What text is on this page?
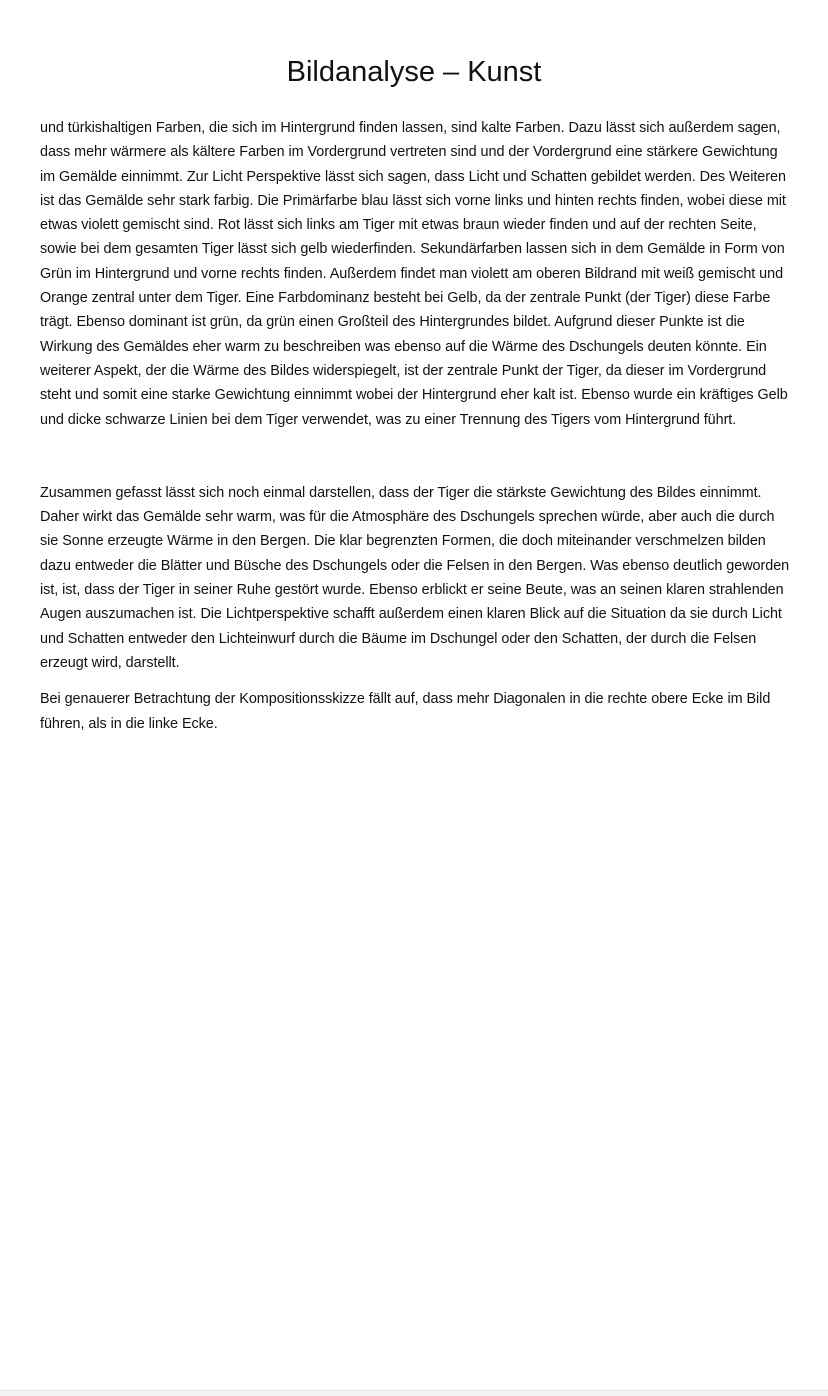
Bildanalyse – Kunst

und türkishaltigen Farben, die sich im Hintergrund finden lassen, sind kalte Farben. Dazu lässt sich außerdem sagen, dass mehr wärmere als kältere Farben im Vordergrund vertreten sind und der Vordergrund eine stärkere Gewichtung im Gemälde einnimmt. Zur Licht Perspektive lässt sich sagen, dass Licht und Schatten gebildet werden. Des Weiteren ist das Gemälde sehr stark farbig. Die Primärfarbe blau lässt sich vorne links und hinten rechts finden, wobei diese mit etwas violett gemischt sind. Rot lässt sich links am Tiger mit etwas braun wieder finden und auf der rechten Seite, sowie bei dem gesamten Tiger lässt sich gelb wiederfinden. Sekundärfarben lassen sich in dem Gemälde in Form von Grün im Hintergrund und vorne rechts finden. Außerdem findet man violett am oberen Bildrand mit weiß gemischt und Orange zentral unter dem Tiger. Eine Farbdominanz besteht bei Gelb, da der zentrale Punkt (der Tiger) diese Farbe trägt. Ebenso dominant ist grün, da grün einen Großteil des Hintergrundes bildet. Aufgrund dieser Punkte ist die Wirkung des Gemäldes eher warm zu beschreiben was ebenso auf die Wärme des Dschungels deuten könnte. Ein weiterer Aspekt, der die Wärme des Bildes widerspiegelt, ist der zentrale Punkt der Tiger, da dieser im Vordergrund steht und somit eine starke Gewichtung einnimmt wobei der Hintergrund eher kalt ist. Ebenso wurde ein kräftiges Gelb und dicke schwarze Linien bei dem Tiger verwendet, was zu einer Trennung des Tigers vom Hintergrund führt.

Zusammen gefasst lässt sich noch einmal darstellen, dass der Tiger die stärkste Gewichtung des Bildes einnimmt. Daher wirkt das Gemälde sehr warm, was für die Atmosphäre des Dschungels sprechen würde, aber auch die durch sie Sonne erzeugte Wärme in den Bergen. Die klar begrenzten Formen, die doch miteinander verschmelzen bilden dazu entweder die Blätter und Büsche des Dschungels oder die Felsen in den Bergen. Was ebenso deutlich geworden ist, ist, dass der Tiger in seiner Ruhe gestört wurde. Ebenso erblickt er seine Beute, was an seinen klaren strahlenden Augen auszumachen ist. Die Lichtperspektive schafft außerdem einen klaren Blick auf die Situation da sie durch Licht und Schatten entweder den Lichteinwurf durch die Bäume im Dschungel oder den Schatten, der durch die Felsen erzeugt wird, darstellt.

Bei genauerer Betrachtung der Kompositionsskizze fällt auf, dass mehr Diagonalen in die rechte obere Ecke im Bild führen, als in die linke Ecke.
